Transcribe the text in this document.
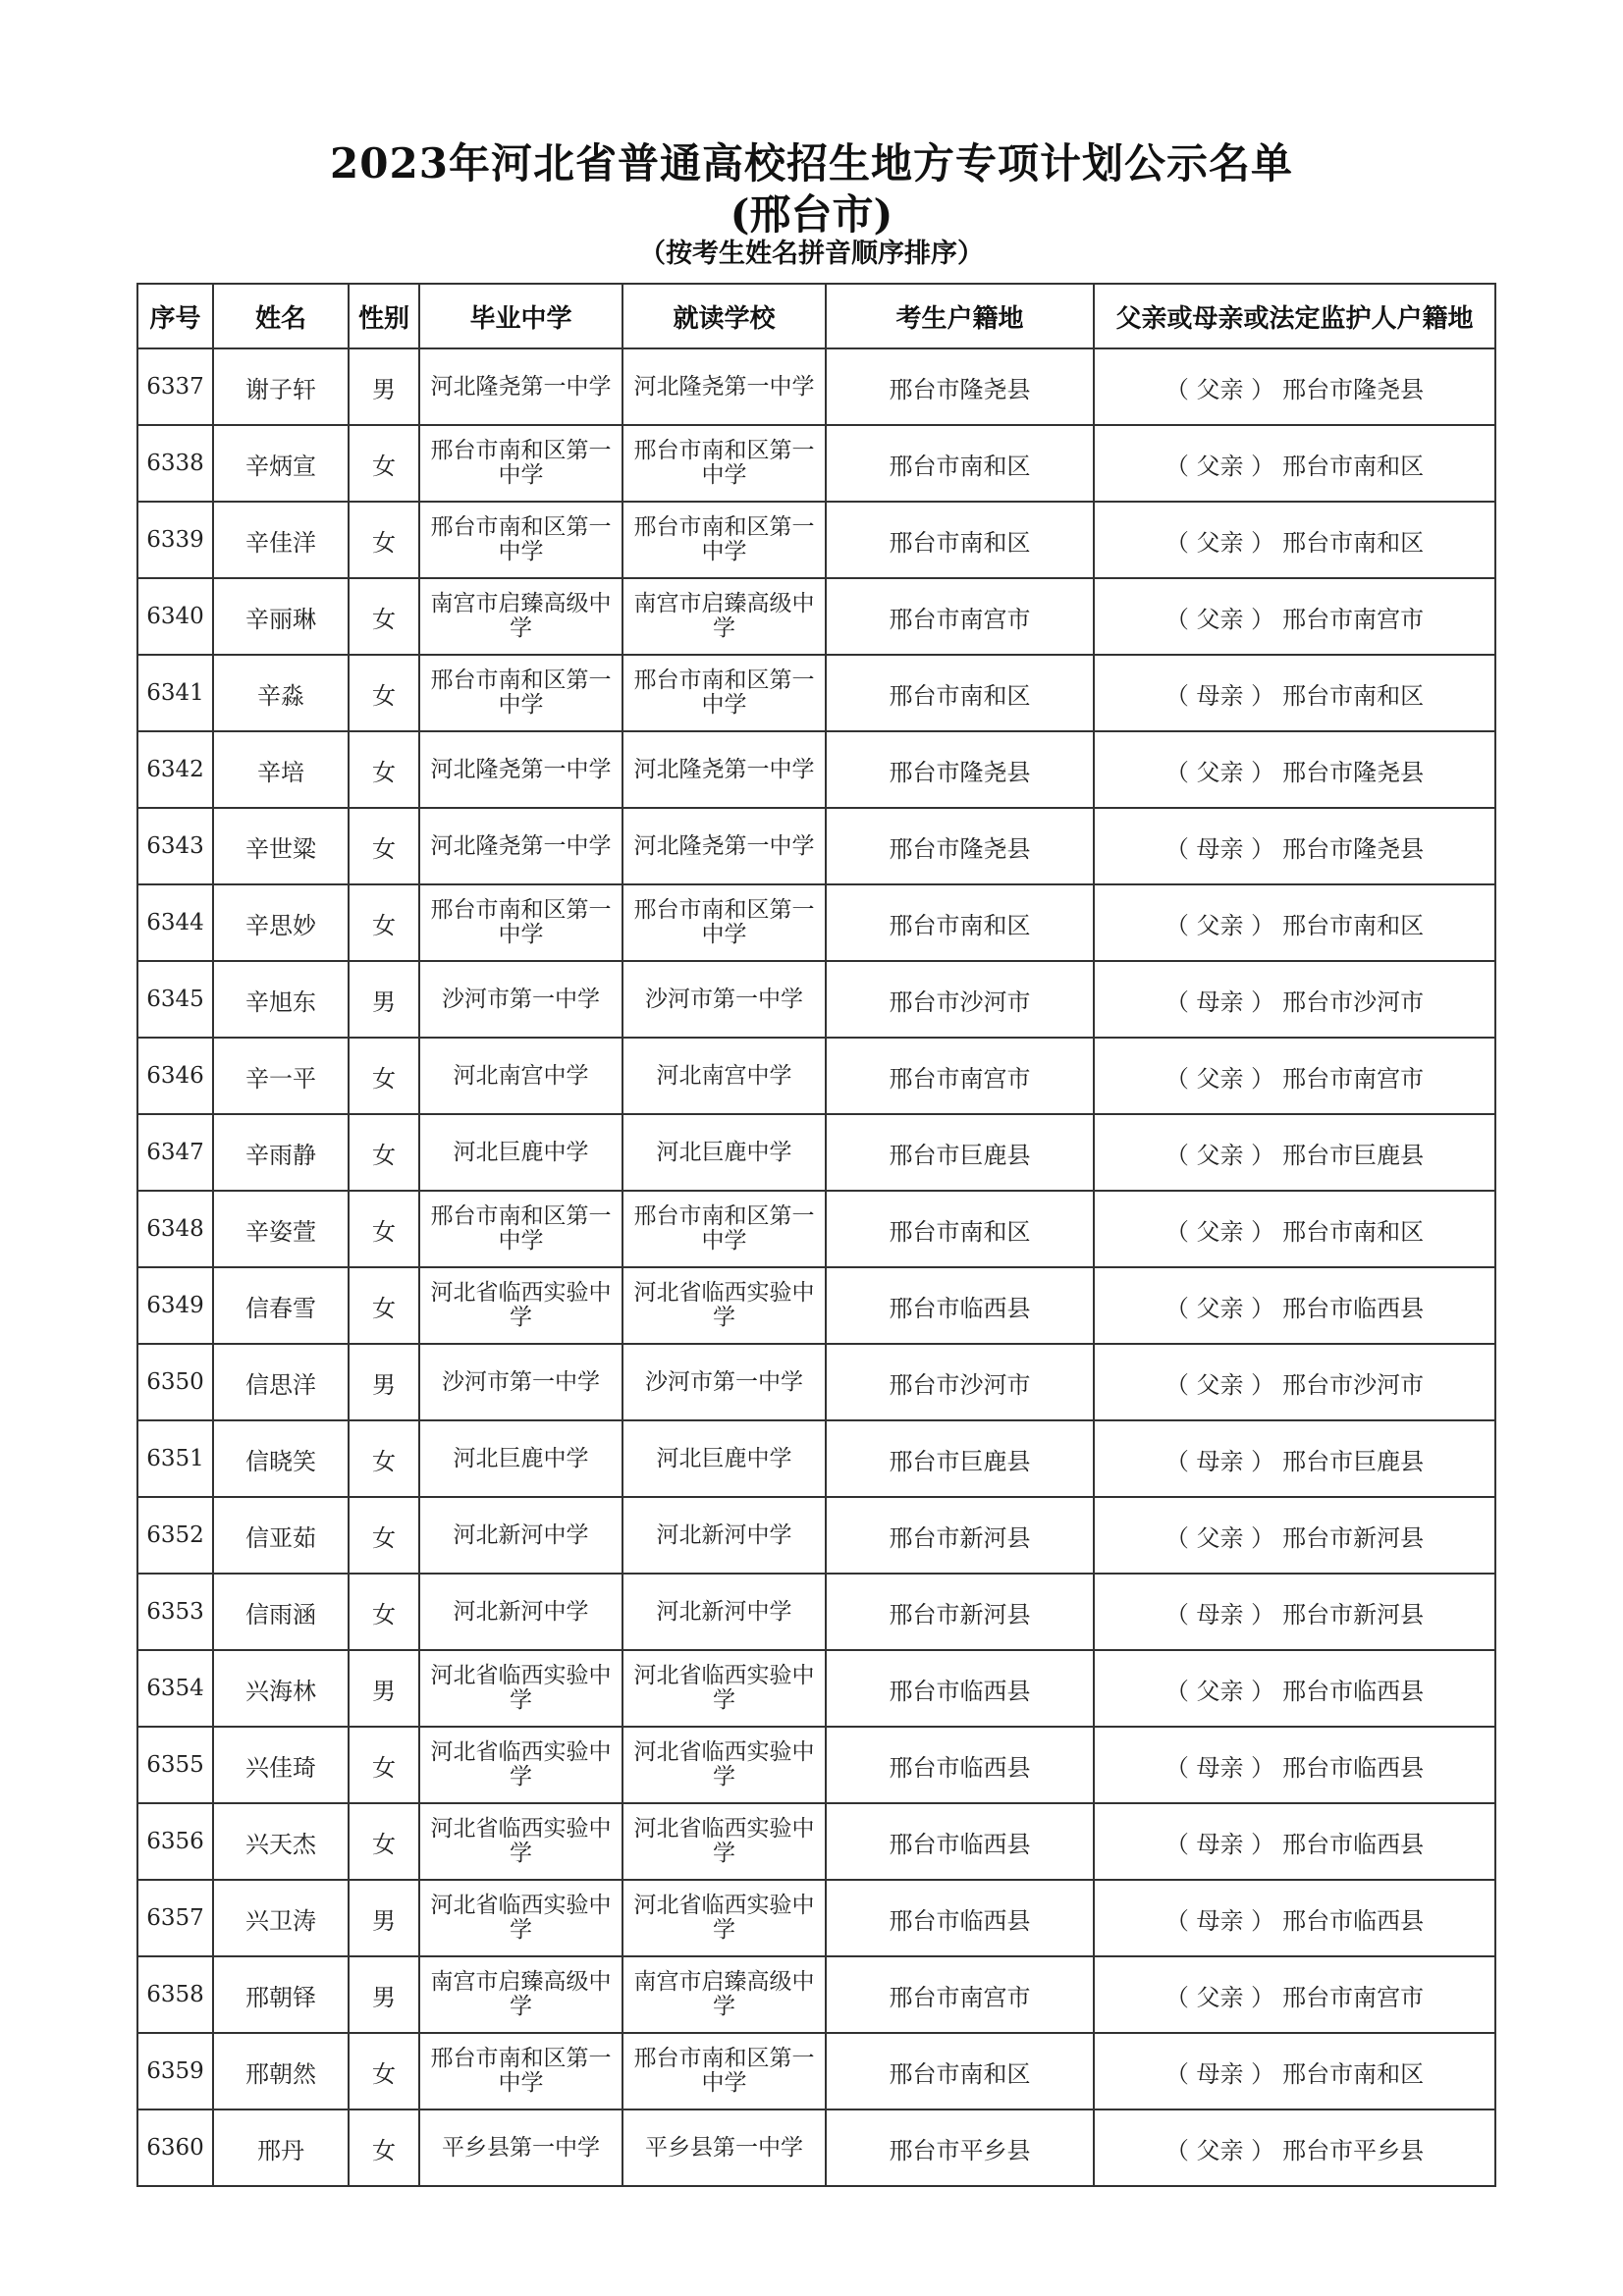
2023年河北省普通高校招生地方专项计划公示名单
(邢台市)
（按考生姓名拼音顺序排序）
序号	姓名	性别	毕业中学	就读学校	考生户籍地	父亲或母亲或法定监护人户籍地
6337	谢子轩	男	河北隆尧第一中学	河北隆尧第一中学	邢台市隆尧县	（ 父亲 ） 邢台市隆尧县
6338	辛炳宣	女	邢台市南和区第一中学	邢台市南和区第一中学	邢台市南和区	（ 父亲 ） 邢台市南和区
6339	辛佳洋	女	邢台市南和区第一中学	邢台市南和区第一中学	邢台市南和区	（ 父亲 ） 邢台市南和区
6340	辛丽琳	女	南宫市启臻高级中学	南宫市启臻高级中学	邢台市南宫市	（ 父亲 ） 邢台市南宫市
6341	辛淼	女	邢台市南和区第一中学	邢台市南和区第一中学	邢台市南和区	（ 母亲 ） 邢台市南和区
6342	辛培	女	河北隆尧第一中学	河北隆尧第一中学	邢台市隆尧县	（ 父亲 ） 邢台市隆尧县
6343	辛世粱	女	河北隆尧第一中学	河北隆尧第一中学	邢台市隆尧县	（ 母亲 ） 邢台市隆尧县
6344	辛思妙	女	邢台市南和区第一中学	邢台市南和区第一中学	邢台市南和区	（ 父亲 ） 邢台市南和区
6345	辛旭东	男	沙河市第一中学	沙河市第一中学	邢台市沙河市	（ 母亲 ） 邢台市沙河市
6346	辛一平	女	河北南宫中学	河北南宫中学	邢台市南宫市	（ 父亲 ） 邢台市南宫市
6347	辛雨静	女	河北巨鹿中学	河北巨鹿中学	邢台市巨鹿县	（ 父亲 ） 邢台市巨鹿县
6348	辛姿萱	女	邢台市南和区第一中学	邢台市南和区第一中学	邢台市南和区	（ 父亲 ） 邢台市南和区
6349	信春雪	女	河北省临西实验中学	河北省临西实验中学	邢台市临西县	（ 父亲 ） 邢台市临西县
6350	信思洋	男	沙河市第一中学	沙河市第一中学	邢台市沙河市	（ 父亲 ） 邢台市沙河市
6351	信晓笑	女	河北巨鹿中学	河北巨鹿中学	邢台市巨鹿县	（ 母亲 ） 邢台市巨鹿县
6352	信亚茹	女	河北新河中学	河北新河中学	邢台市新河县	（ 父亲 ） 邢台市新河县
6353	信雨涵	女	河北新河中学	河北新河中学	邢台市新河县	（ 母亲 ） 邢台市新河县
6354	兴海林	男	河北省临西实验中学	河北省临西实验中学	邢台市临西县	（ 父亲 ） 邢台市临西县
6355	兴佳琦	女	河北省临西实验中学	河北省临西实验中学	邢台市临西县	（ 母亲 ） 邢台市临西县
6356	兴天杰	女	河北省临西实验中学	河北省临西实验中学	邢台市临西县	（ 母亲 ） 邢台市临西县
6357	兴卫涛	男	河北省临西实验中学	河北省临西实验中学	邢台市临西县	（ 母亲 ） 邢台市临西县
6358	邢朝铎	男	南宫市启臻高级中学	南宫市启臻高级中学	邢台市南宫市	（ 父亲 ） 邢台市南宫市
6359	邢朝然	女	邢台市南和区第一中学	邢台市南和区第一中学	邢台市南和区	（ 母亲 ） 邢台市南和区
6360	邢丹	女	平乡县第一中学	平乡县第一中学	邢台市平乡县	（ 父亲 ） 邢台市平乡县
